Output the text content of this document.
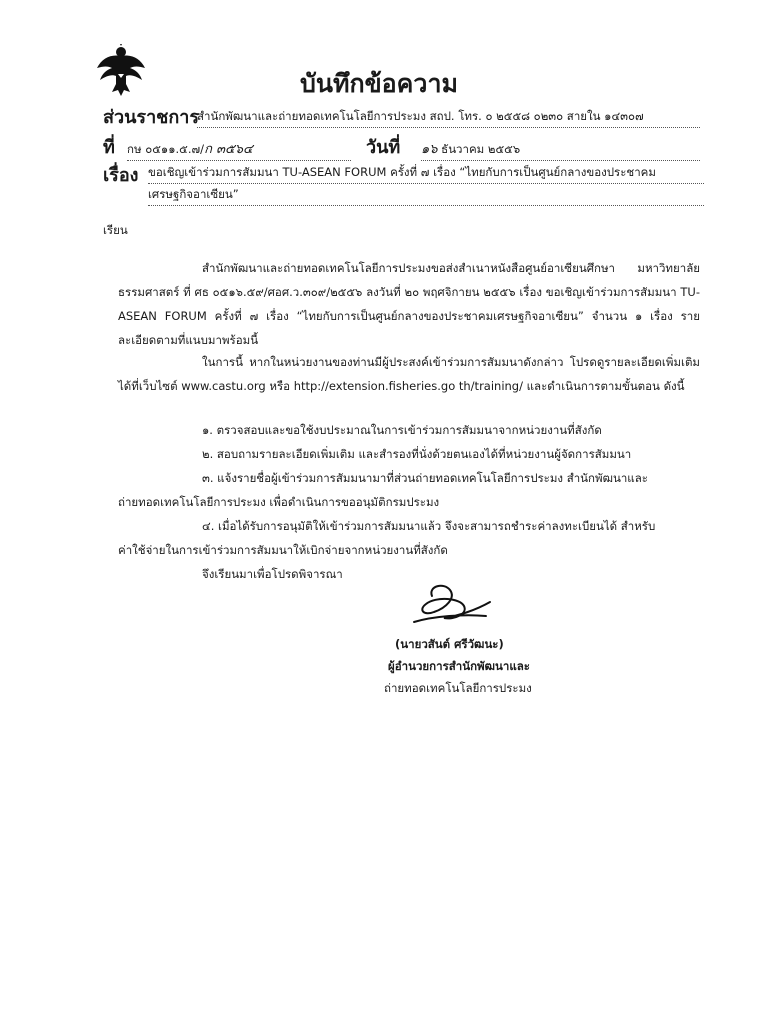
บันทึกข้อความ
ส่วนราชการ
สำนักพัฒนาและถ่ายทอดเทคโนโลยีการประมง สถป. โทร. ๐ ๒๕๕๘ ๐๒๓๐ สายใน ๑๔๓๐๗
ที่ กษ ๐๕๑๑.๕.๗/ก ๓๕๖๔	วันที่ ๑๖ ธันวาคม ๒๕๕๖
เรื่อง ขอเชิญเข้าร่วมการสัมมนา TU-ASEAN FORUM ครั้งที่ ๗ เรื่อง “ไทยกับการเป็นศูนย์กลางของประชาคม
เศรษฐกิจอาเซียน”
เรียน
สำนักพัฒนาและถ่ายทอดเทคโนโลยีการประมงขอส่งสำเนาหนังสือศูนย์อาเซียนศึกษา มหาวิทยาลัยธรรมศาสตร์ ที่ ศธ ๐๕๑๖.๕๙/ศอศ.ว.๓๐๙/๒๕๕๖ ลงวันที่ ๒๐ พฤศจิกายน ๒๕๕๖ เรื่อง ขอเชิญเข้าร่วมการสัมมนา TU-ASEAN FORUM ครั้งที่ ๗ เรื่อง “ไทยกับการเป็นศูนย์กลางของประชาคมเศรษฐกิจอาเซียน” จำนวน ๑ เรื่อง รายละเอียดตามที่แนบมาพร้อมนี้
ในการนี้ หากในหน่วยงานของท่านมีผู้ประสงค์เข้าร่วมการสัมมนาดังกล่าว โปรดดูรายละเอียดเพิ่มเติมได้ที่เว็บไซต์ www.castu.org หรือ http://extension.fisheries.go th/training/ และดำเนินการตามขั้นตอน ดังนี้
๑. ตรวจสอบและขอใช้งบประมาณในการเข้าร่วมการสัมมนาจากหน่วยงานที่สังกัด
๒. สอบถามรายละเอียดเพิ่มเติม และสำรองที่นั่งด้วยตนเองได้ที่หน่วยงานผู้จัดการสัมมนา
๓. แจ้งรายชื่อผู้เข้าร่วมการสัมมนามาที่ส่วนถ่ายทอดเทคโนโลยีการประมง สำนักพัฒนาและ
ถ่ายทอดเทคโนโลยีการประมง เพื่อดำเนินการขออนุมัติกรมประมง
๔. เมื่อได้รับการอนุมัติให้เข้าร่วมการสัมมนาแล้ว จึงจะสามารถชำระค่าลงทะเบียนได้ สำหรับ
ค่าใช้จ่ายในการเข้าร่วมการสัมมนาให้เบิกจ่ายจากหน่วยงานที่สังกัด
จึงเรียนมาเพื่อโปรดพิจารณา
(นายวสันต์ ศรีวัฒนะ)
ผู้อำนวยการสำนักพัฒนาและ
ถ่ายทอดเทคโนโลยีการประมง
